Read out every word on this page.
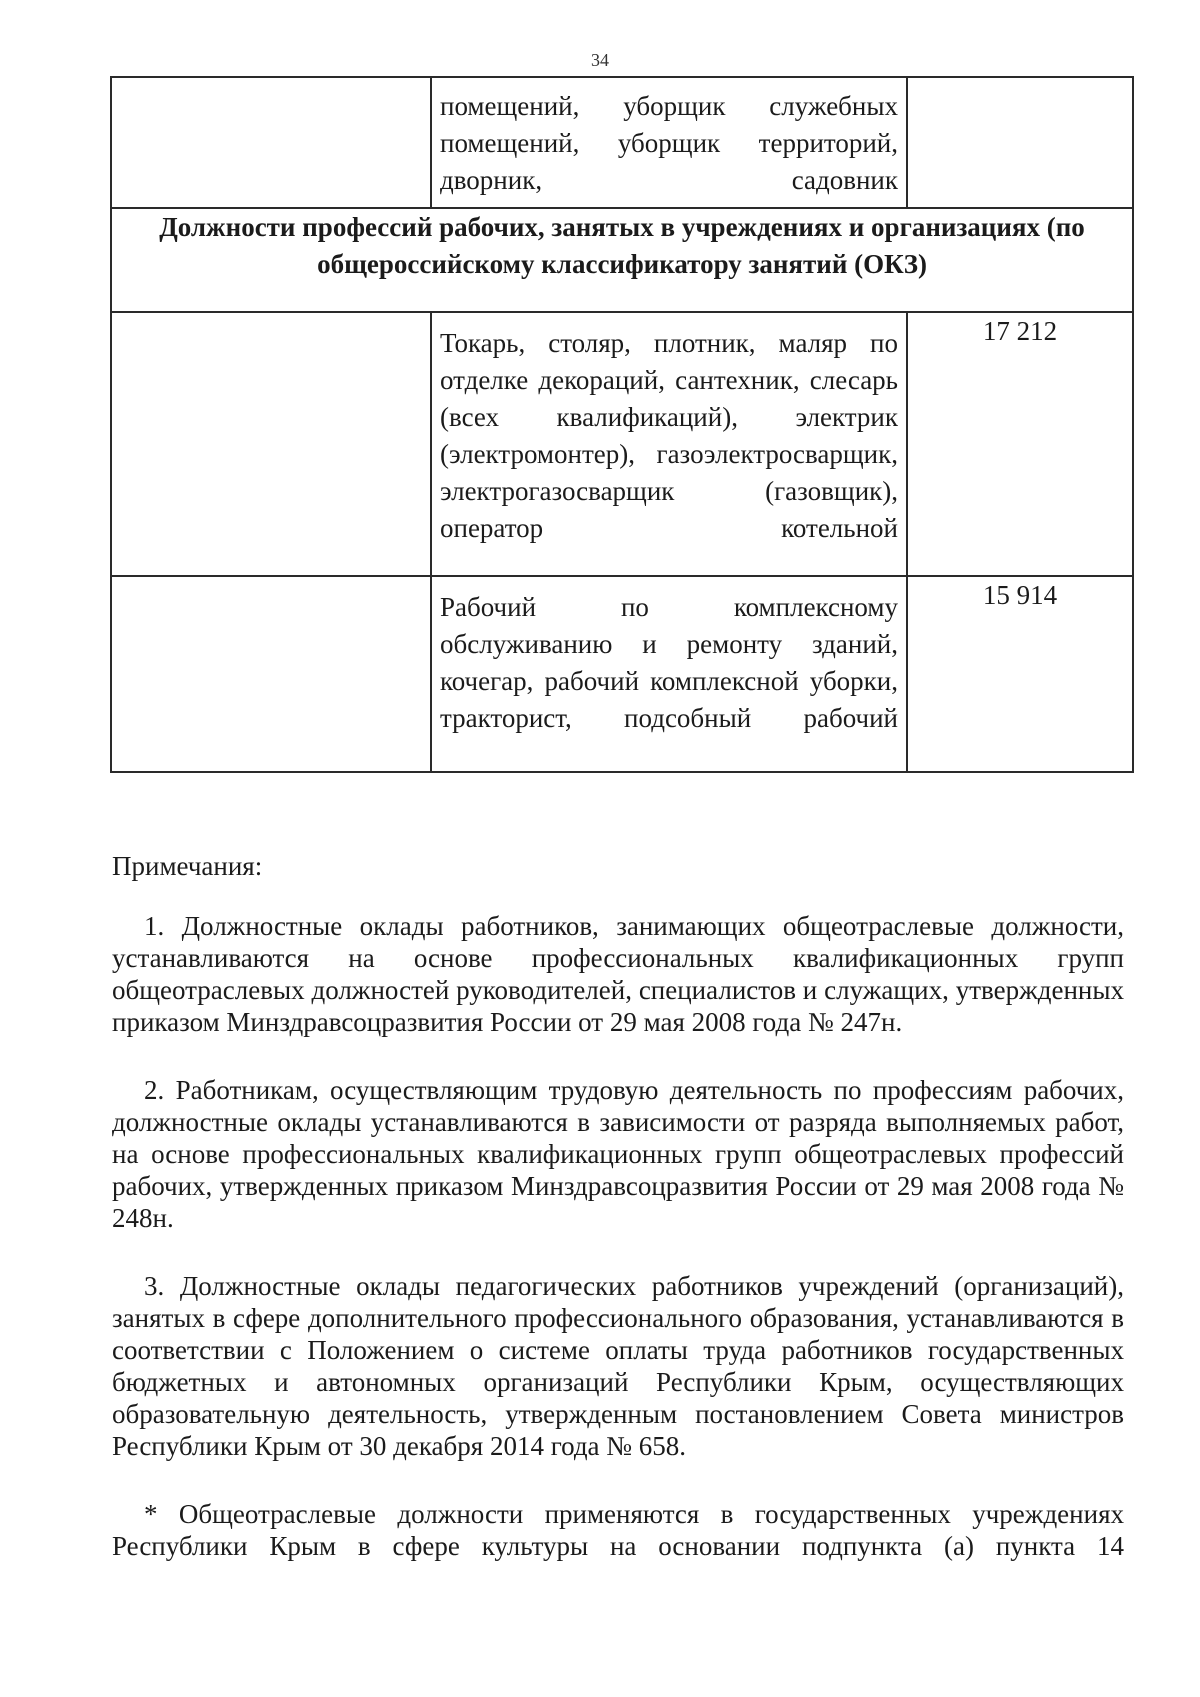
34

	помещений, уборщик служебных помещений, уборщик территорий, дворник, садовник	

Должности профессий рабочих, занятых в учреждениях и организациях (по общероссийскому классификатору занятий (ОКЗ)		

	Токарь, столяр, плотник, маляр по отделке декораций, сантехник, слесарь (всех квалификаций), электрик (электромонтер), газоэлектросварщик, электрогазосварщик (газовщик), оператор котельной	17 212

	Рабочий по комплексному обслуживанию и ремонту зданий, кочегар, рабочий комплексной уборки, тракторист, подсобный рабочий	15 914

Примечания:

1. Должностные оклады работников, занимающих общеотраслевые должности, устанавливаются на основе профессиональных квалификационных групп общеотраслевых должностей руководителей, специалистов и служащих, утвержденных приказом Минздравсоцразвития России от 29 мая 2008 года № 247н.

2. Работникам, осуществляющим трудовую деятельность по профессиям рабочих, должностные оклады устанавливаются в зависимости от разряда выполняемых работ, на основе профессиональных квалификационных групп общеотраслевых профессий рабочих, утвержденных приказом Минздравсоцразвития России от 29 мая 2008 года № 248н.

3. Должностные оклады педагогических работников учреждений (организаций), занятых в сфере дополнительного профессионального образования, устанавливаются в соответствии с Положением о системе оплаты труда работников государственных бюджетных и автономных организаций Республики Крым, осуществляющих образовательную деятельность, утвержденным постановлением Совета министров Республики Крым от 30 декабря 2014 года № 658.

* Общеотраслевые должности применяются в государственных учреждениях Республики Крым в сфере культуры на основании подпункта (а) пункта 14
